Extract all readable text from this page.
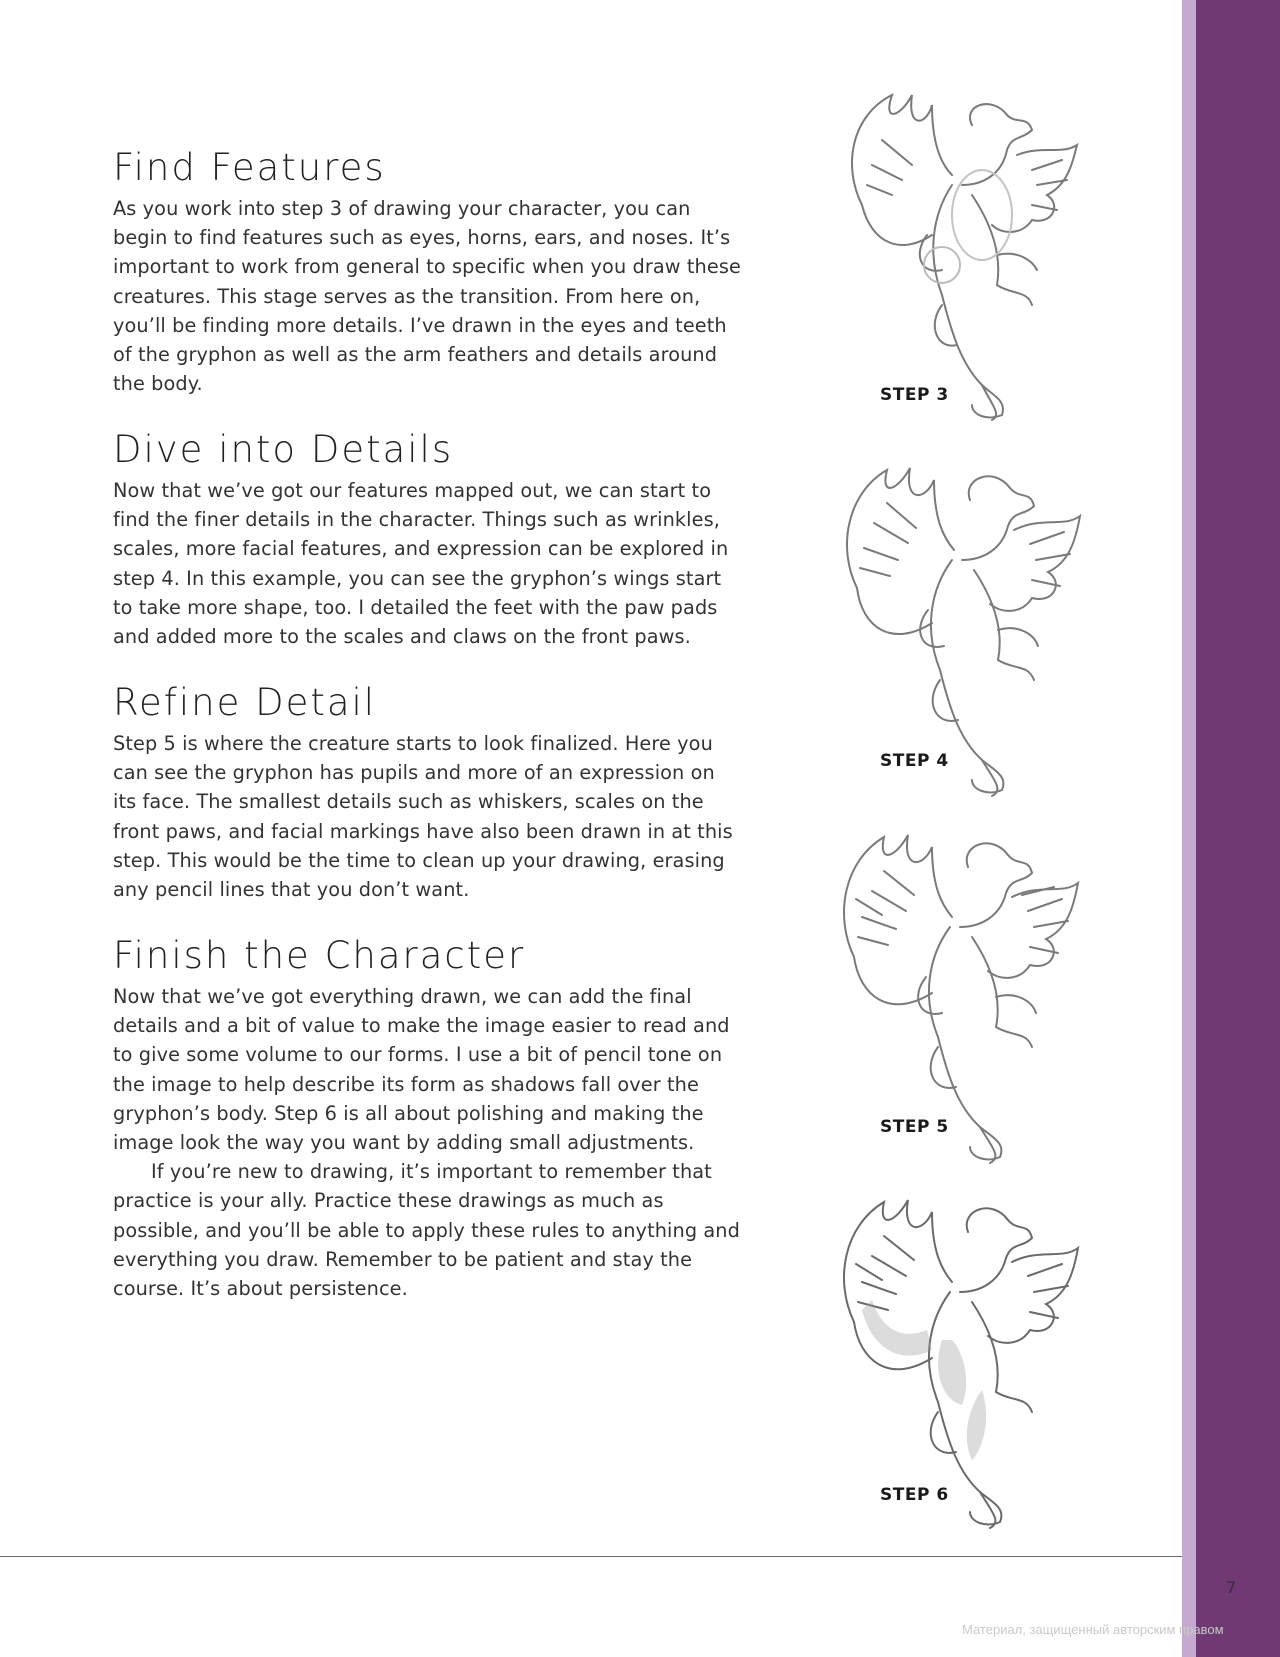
Find Features

As you work into step 3 of drawing your character, you can begin to find features such as eyes, horns, ears, and noses. It’s important to work from general to specific when you draw these creatures. This stage serves as the transition. From here on, you’ll be finding more details. I’ve drawn in the eyes and teeth of the gryphon as well as the arm feathers and details around the body.

Dive into Details

Now that we’ve got our features mapped out, we can start to find the finer details in the character. Things such as wrinkles, scales, more facial features, and expression can be explored in step 4. In this example, you can see the gryphon’s wings start to take more shape, too. I detailed the feet with the paw pads and added more to the scales and claws on the front paws.

Refine Detail

Step 5 is where the creature starts to look finalized. Here you can see the gryphon has pupils and more of an expression on its face. The smallest details such as whiskers, scales on the front paws, and facial markings have also been drawn in at this step. This would be the time to clean up your drawing, erasing any pencil lines that you don’t want.

Finish the Character

Now that we’ve got everything drawn, we can add the final details and a bit of value to make the image easier to read and to give some volume to our forms. I use a bit of pencil tone on the image to help describe its form as shadows fall over the gryphon’s body. Step 6 is all about polishing and making the image look the way you want by adding small adjustments.

If you’re new to drawing, it’s important to remember that practice is your ally. Practice these drawings as much as possible, and you’ll be able to apply these rules to anything and everything you draw. Remember to be patient and stay the course. It’s about persistence.

STEP 3
STEP 4
STEP 5
STEP 6
7
Материал, защищенный авторским правом
